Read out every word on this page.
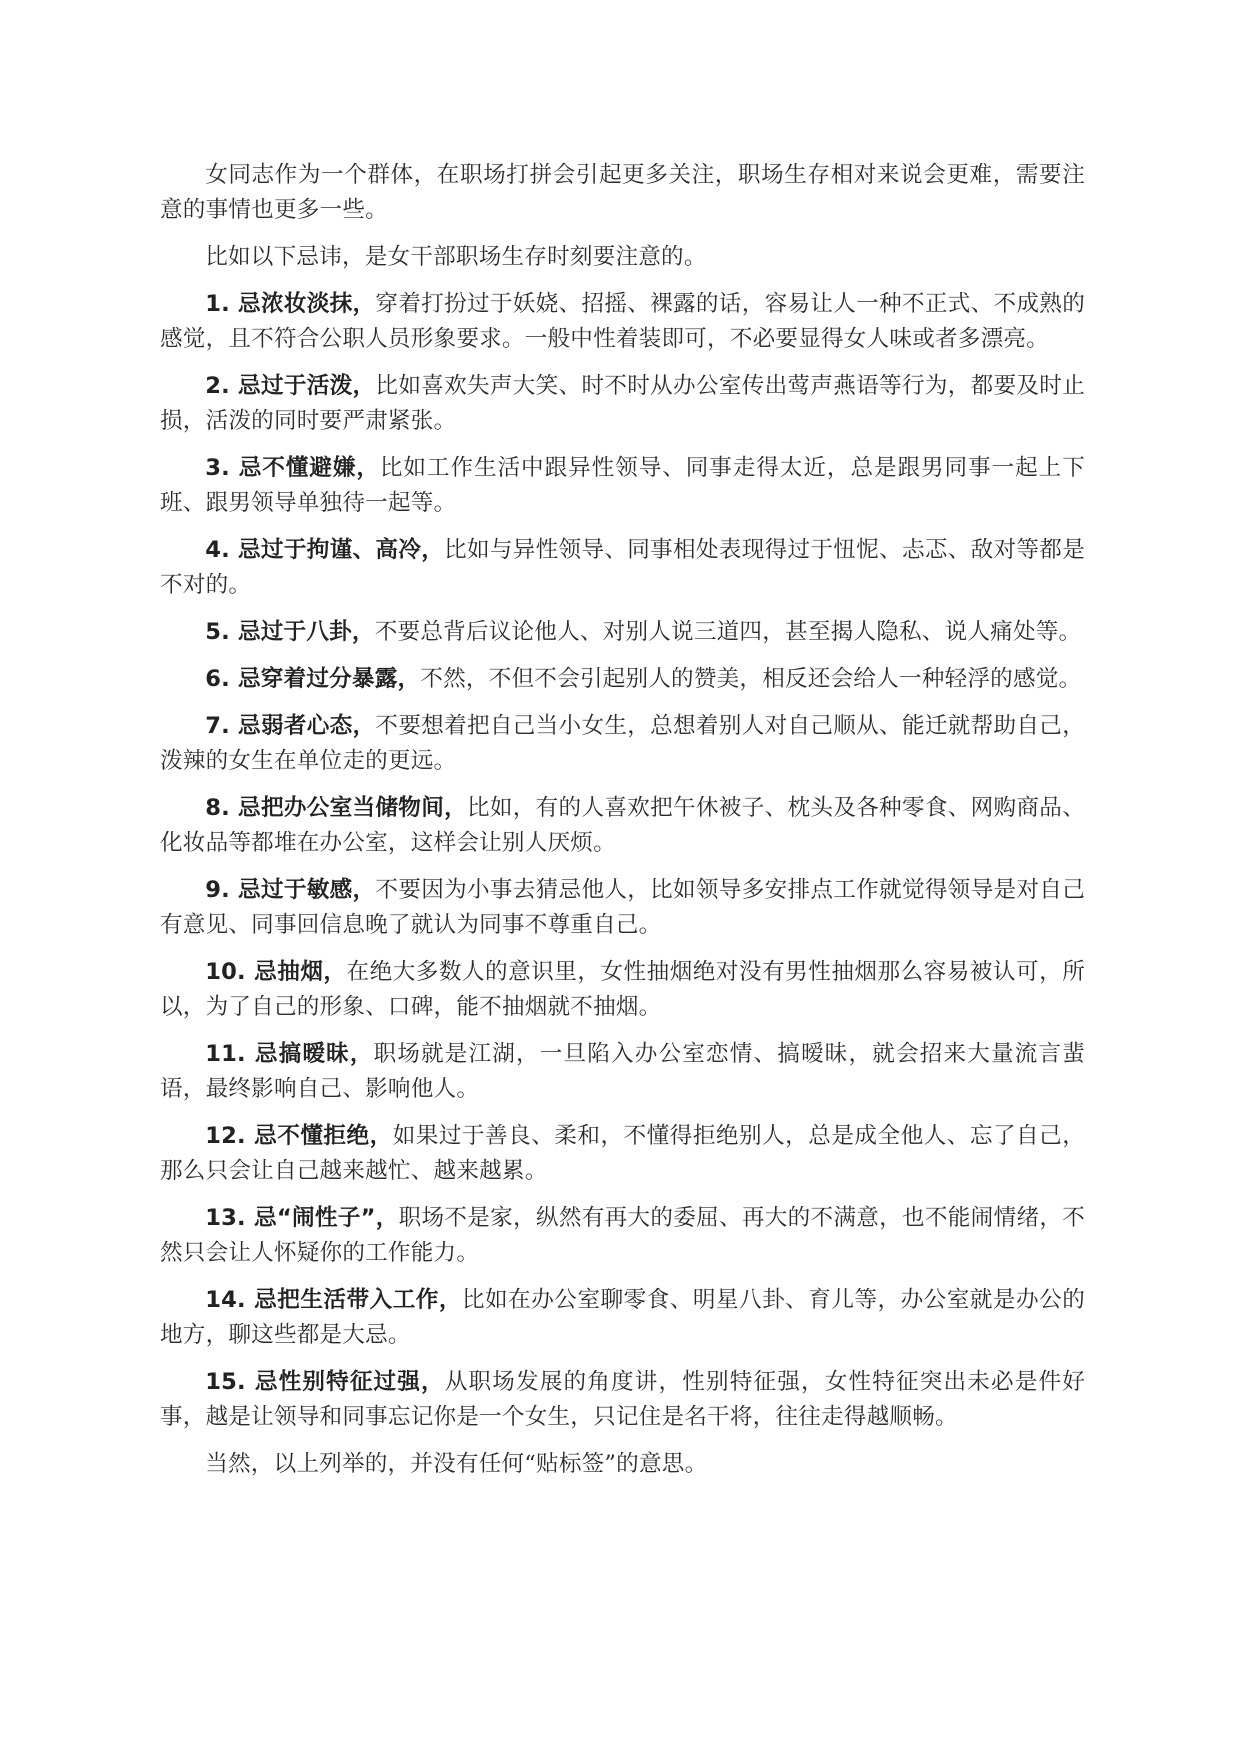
女同志作为一个群体，在职场打拼会引起更多关注，职场生存相对来说会更难，需要注意的事情也更多一些。

比如以下忌讳，是女干部职场生存时刻要注意的。

1. 忌浓妆淡抹，穿着打扮过于妖娆、招摇、裸露的话，容易让人一种不正式、不成熟的感觉，且不符合公职人员形象要求。一般中性着装即可，不必要显得女人味或者多漂亮。

2. 忌过于活泼，比如喜欢失声大笑、时不时从办公室传出莺声燕语等行为，都要及时止损，活泼的同时要严肃紧张。

3. 忌不懂避嫌，比如工作生活中跟异性领导、同事走得太近，总是跟男同事一起上下班、跟男领导单独待一起等。

4. 忌过于拘谨、高冷，比如与异性领导、同事相处表现得过于忸怩、忐忑、敌对等都是不对的。

5. 忌过于八卦，不要总背后议论他人、对别人说三道四，甚至揭人隐私、说人痛处等。

6. 忌穿着过分暴露，不然，不但不会引起别人的赞美，相反还会给人一种轻浮的感觉。

7. 忌弱者心态，不要想着把自己当小女生，总想着别人对自己顺从、能迁就帮助自己，泼辣的女生在单位走的更远。

8. 忌把办公室当储物间，比如，有的人喜欢把午休被子、枕头及各种零食、网购商品、化妆品等都堆在办公室，这样会让别人厌烦。

9. 忌过于敏感，不要因为小事去猜忌他人，比如领导多安排点工作就觉得领导是对自己有意见、同事回信息晚了就认为同事不尊重自己。

10. 忌抽烟，在绝大多数人的意识里，女性抽烟绝对没有男性抽烟那么容易被认可，所以，为了自己的形象、口碑，能不抽烟就不抽烟。

11. 忌搞暧昧，职场就是江湖，一旦陷入办公室恋情、搞暧昧，就会招来大量流言蜚语，最终影响自己、影响他人。

12. 忌不懂拒绝，如果过于善良、柔和，不懂得拒绝别人，总是成全他人、忘了自己，那么只会让自己越来越忙、越来越累。

13. 忌“闹性子”，职场不是家，纵然有再大的委屈、再大的不满意，也不能闹情绪，不然只会让人怀疑你的工作能力。

14. 忌把生活带入工作，比如在办公室聊零食、明星八卦、育儿等，办公室就是办公的地方，聊这些都是大忌。

15. 忌性别特征过强，从职场发展的角度讲，性别特征强，女性特征突出未必是件好事，越是让领导和同事忘记你是一个女生，只记住是名干将，往往走得越顺畅。

当然，以上列举的，并没有任何“贴标签”的意思。
